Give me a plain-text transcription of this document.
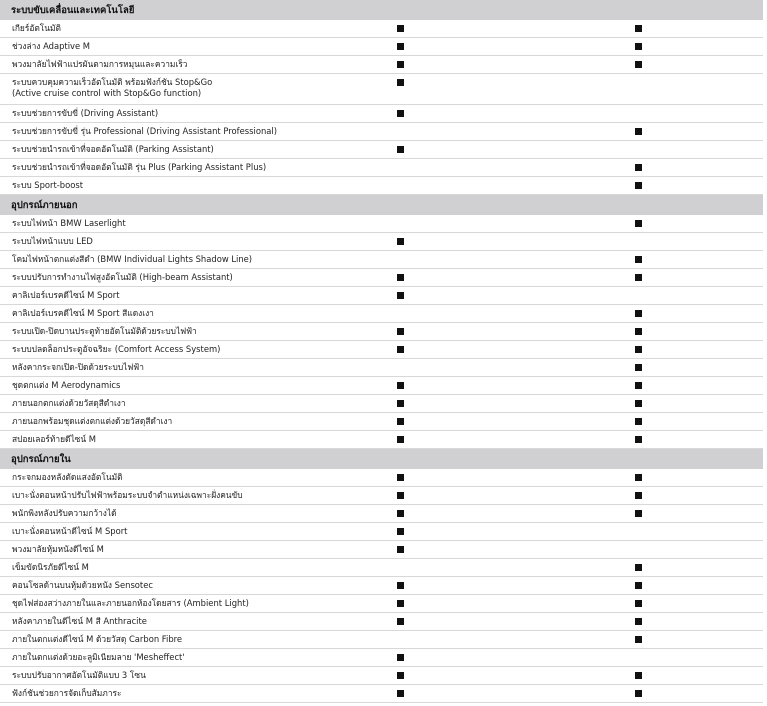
ระบบขับเคลื่อนและเทคโนโลยี
เกียร์อัตโนมัติ
ช่วงล่าง Adaptive M
พวงมาลัยไฟฟ้าแปรผันตามการหมุนและความเร็ว
ระบบควบคุมความเร็วอัตโนมัติ พร้อมฟังก์ชัน Stop&Go
(Active cruise control with Stop&Go function)
ระบบช่วยการขับขี่ (Driving Assistant)
ระบบช่วยการขับขี่ รุ่น Professional (Driving Assistant Professional)
ระบบช่วยนำรถเข้าที่จอดอัตโนมัติ (Parking Assistant)
ระบบช่วยนำรถเข้าที่จอดอัตโนมัติ รุ่น Plus (Parking Assistant Plus)
ระบบ Sport-boost
อุปกรณ์ภายนอก
ระบบไฟหน้า BMW Laserlight
ระบบไฟหน้าแบบ LED
โคมไฟหน้าตกแต่งสีดำ (BMW Individual Lights Shadow Line)
ระบบปรับการทำงานไฟสูงอัตโนมัติ (High-beam Assistant)
คาลิเปอร์เบรคดีไซน์ M Sport
คาลิเปอร์เบรคดีไซน์ M Sport สีแดงเงา
ระบบเปิด-ปิดบานประตูท้ายอัตโนมัติด้วยระบบไฟฟ้า
ระบบปลดล็อกประตูอัจฉริยะ (Comfort Access System)
หลังคากระจกเปิด-ปิดด้วยระบบไฟฟ้า
ชุดตกแต่ง M Aerodynamics
ภายนอกตกแต่งด้วยวัสดุสีดำเงา
ภายนอกพร้อมชุดแต่งตกแต่งด้วยวัสดุสีดำเงา
สปอยเลอร์ท้ายดีไซน์ M
อุปกรณ์ภายใน
กระจกมองหลังตัดแสงอัตโนมัติ
เบาะนั่งตอนหน้าปรับไฟฟ้าพร้อมระบบจำตำแหน่งเฉพาะฝั่งคนขับ
พนักพิงหลังปรับความกว้างได้
เบาะนั่งตอนหน้าดีไซน์ M Sport
พวงมาลัยหุ้มหนังดีไซน์ M
เข็มขัดนิรภัยดีไซน์ M
คอนโซลด้านบนหุ้มด้วยหนัง Sensotec
ชุดไฟส่องสว่างภายในและภายนอกห้องโดยสาร (Ambient Light)
หลังคาภายในดีไซน์ M สี Anthracite
ภายในตกแต่งดีไซน์ M ด้วยวัสดุ Carbon Fibre
ภายในตกแต่งด้วยอะลูมิเนียมลาย 'Mesheffect'
ระบบปรับอากาศอัตโนมัติแบบ 3 โซน
ฟังก์ชันช่วยการจัดเก็บสัมภาระ
